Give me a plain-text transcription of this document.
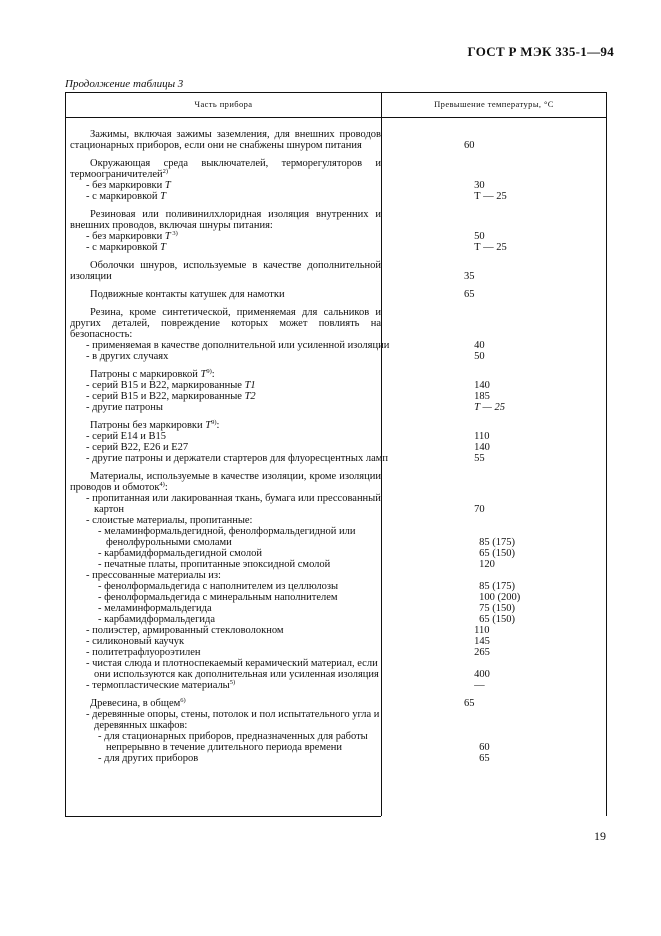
ГОСТ Р МЭК 335-1—94
Продолжение таблицы 3
Часть прибора	Превышение температуры, °С
Зажимы, включая зажимы заземления, для внешних проводов стационарных приборов, если они не снабжены шнуром питания	60
Окружающая среда выключателей, терморегуляторов и термоограничителей$^{2)}$
- без маркировки T	30
- с маркировкой T	Т — 25
Резиновая или поливинилхлоридная изоляция внутренних и внешних проводов, включая шнуры питания:
- без маркировки T $^{3)}$	50
- с маркировкой T	Т — 25
Оболочки шнуров, используемые в качестве дополнительной изоляции	35
Подвижные контакты катушек для намотки	65
Резина, кроме синтетической, применяемая для сальников и других деталей, повреждение которых может повлиять на безопасность:
- применяемая в качестве дополнительной или усиленной изоляции	40
- в других случаях	50
Патроны с маркировкой $T^{9)}$:
- серий B15 и B22, маркированные T1	140
- серий B15 и B22, маркированные T2	185
- другие патроны	Т — 25
Патроны без маркировки $T^{9)}$:
- серий E14 и B15	110
- серий B22, E26 и E27	140
- другие патроны и держатели стартеров для флуоресцентных ламп	55
Материалы, используемые в качестве изоляции, кроме изоляции проводов и обмоток$^{4)}$:
- пропитанная или лакированная ткань, бумага или прессованный картон	70
- слоистые материалы, пропитанные:
- меламинформальдегидной, фенолформальдегидной или фенолфурольными смолами	85 (175)
- карбамидформальдегидной смолой	65 (150)
- печатные платы, пропитанные эпоксидной смолой	120
- прессованные материалы из:
- фенолформальдегида с наполнителем из целлюлозы	85 (175)
- фенолформальдегида с минеральным наполнителем	100 (200)
- меламинформальдегида	75 (150)
- карбамидформальдегида	65 (150)
- полиэстер, армированный стекловолокном	110
- силиконовый каучук	145
- политетрафлуороэтилен	265
- чистая слюда и плотноспекаемый керамический материал, если они используются как дополнительная или усиленная изоляция	400
- термопластические материалы$^{5)}$	—
Древесина, в общем$^{6)}$	65
- деревянные опоры, стены, потолок и пол испытательного угла и деревянных шкафов:
- для стационарных приборов, предназначенных для работы непрерывно в течение длительного периода времени	60
- для других приборов	65
19
